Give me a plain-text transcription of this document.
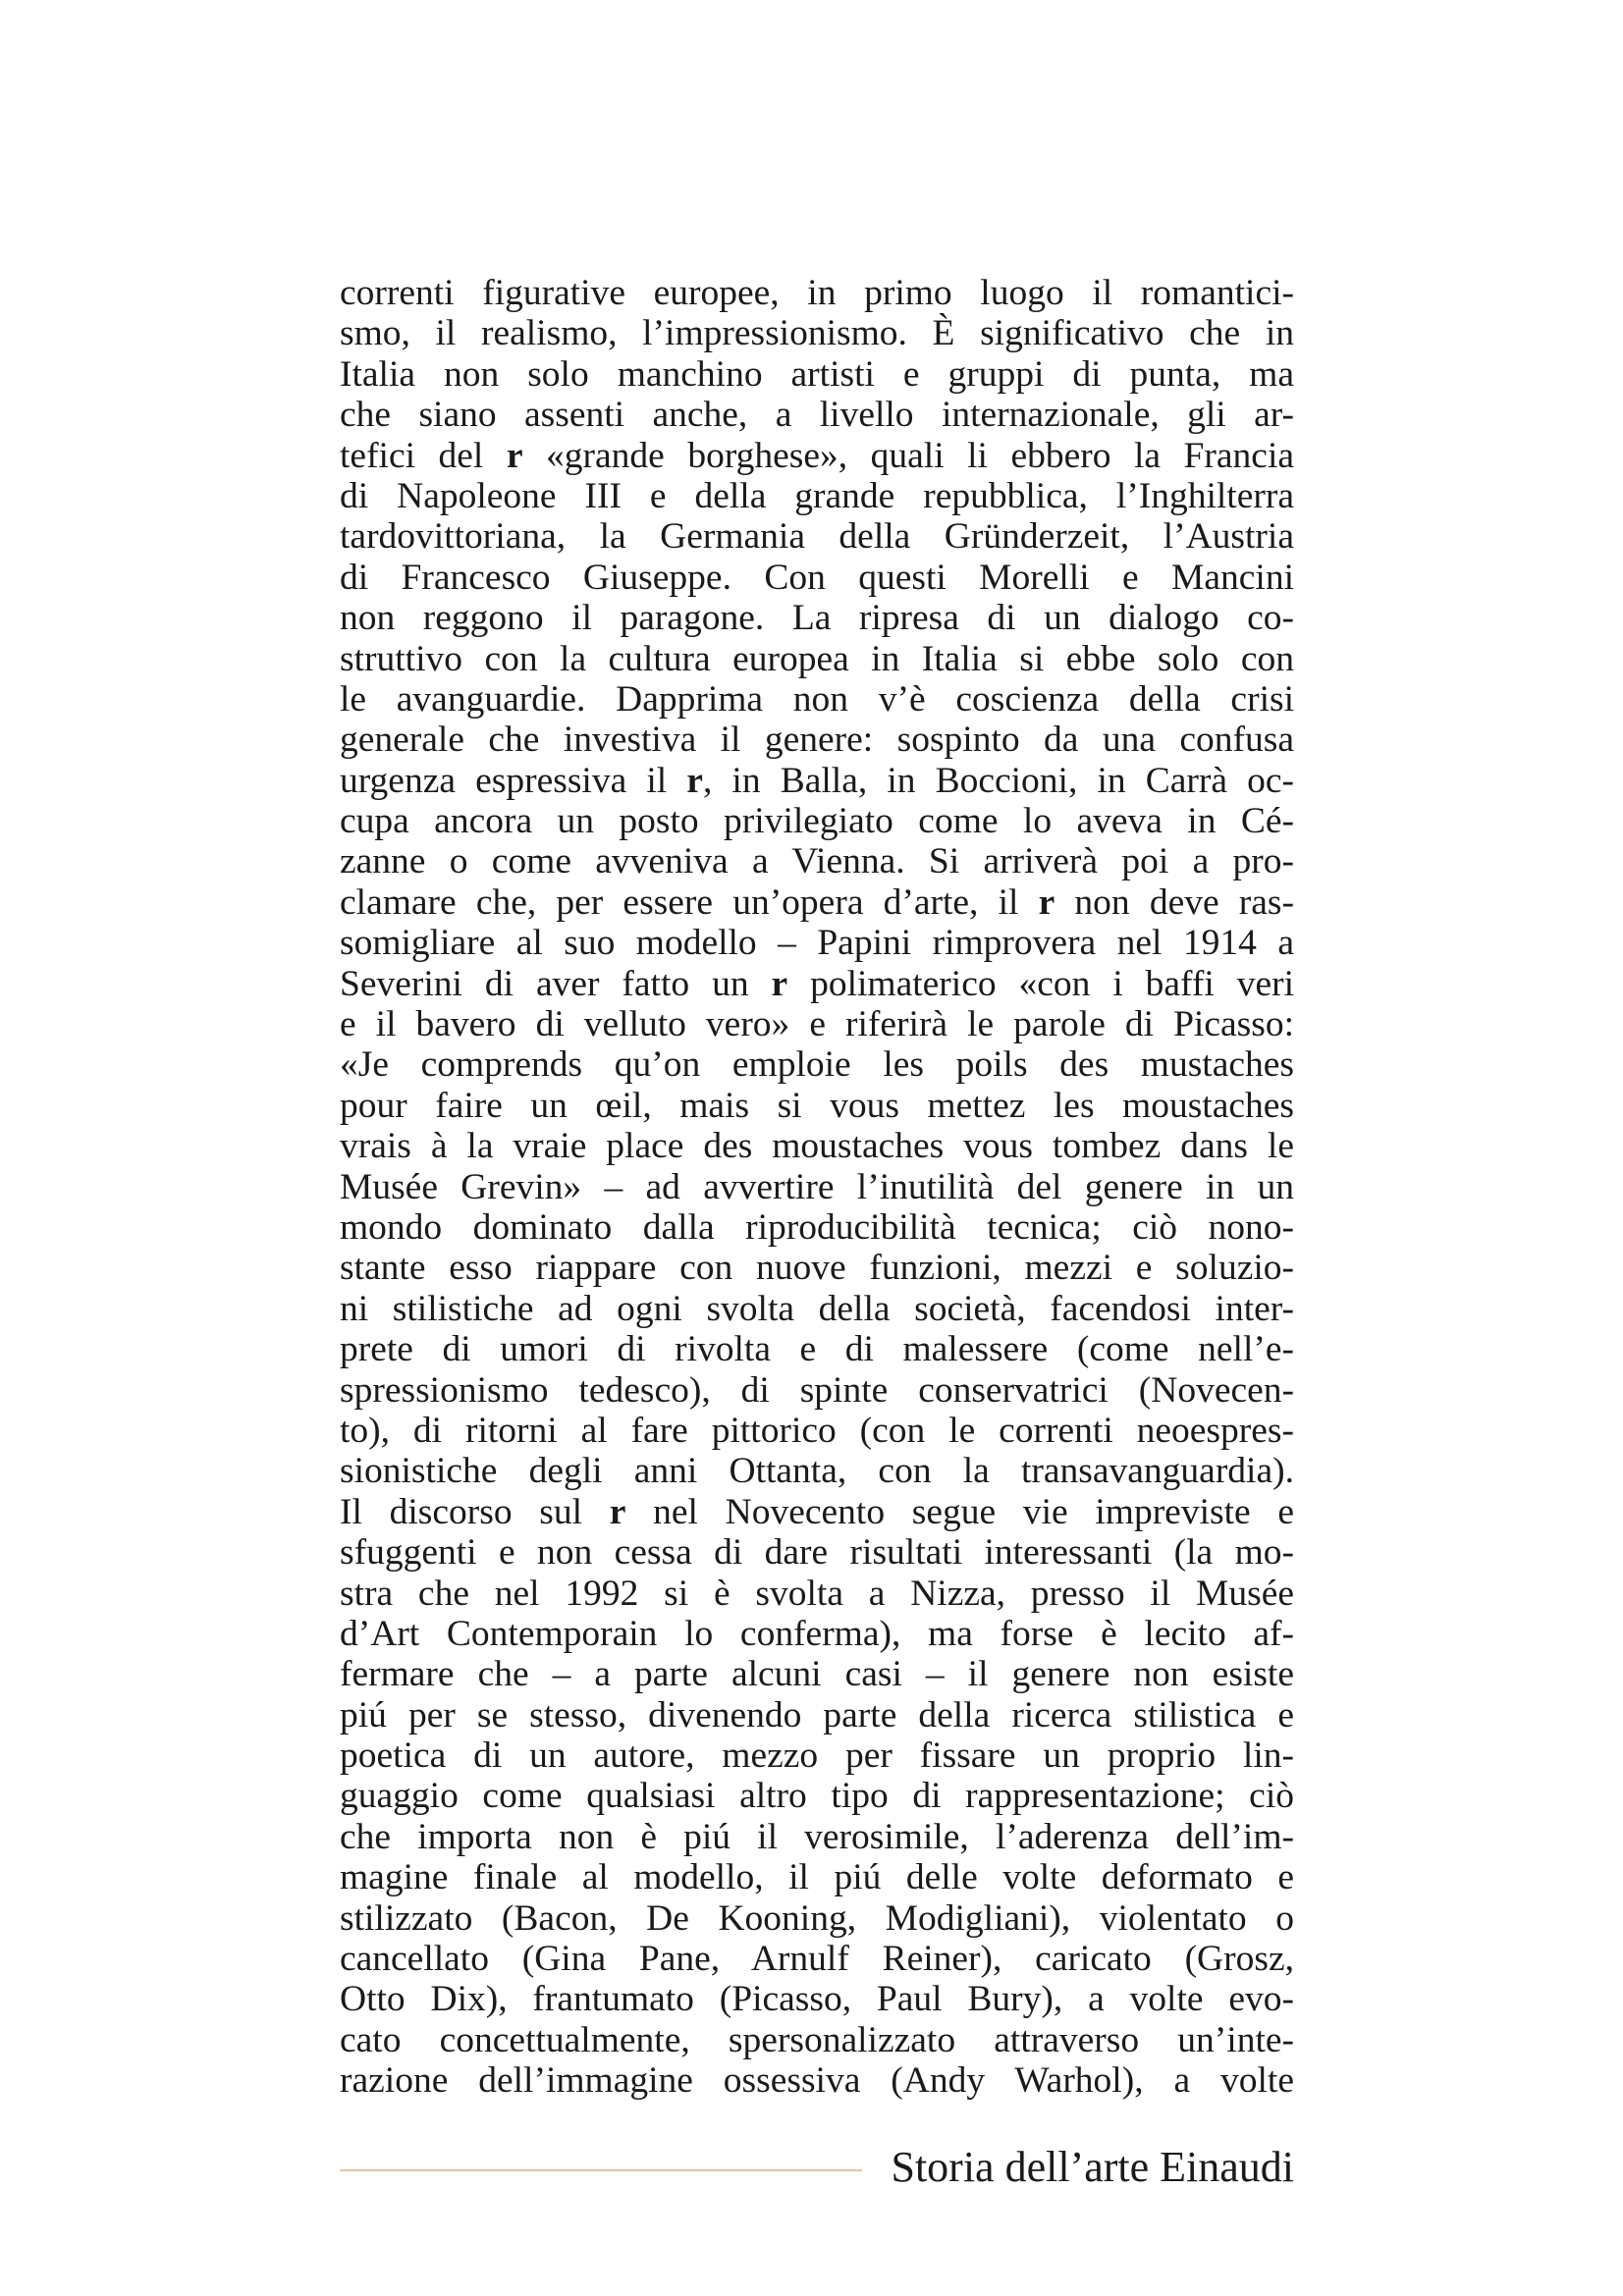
correnti figurative europee, in primo luogo il romantici-
smo, il realismo, l’impressionismo. È significativo che in
Italia non solo manchino artisti e gruppi di punta, ma
che siano assenti anche, a livello internazionale, gli ar-
tefici del r «grande borghese», quali li ebbero la Francia
di Napoleone III e della grande repubblica, l’Inghilterra
tardovittoriana, la Germania della Gründerzeit, l’Austria
di Francesco Giuseppe. Con questi Morelli e Mancini
non reggono il paragone. La ripresa di un dialogo co-
struttivo con la cultura europea in Italia si ebbe solo con
le avanguardie. Dapprima non v’è coscienza della crisi
generale che investiva il genere: sospinto da una confusa
urgenza espressiva il r, in Balla, in Boccioni, in Carrà oc-
cupa ancora un posto privilegiato come lo aveva in Cé-
zanne o come avveniva a Vienna. Si arriverà poi a pro-
clamare che, per essere un’opera d’arte, il r non deve ras-
somigliare al suo modello – Papini rimprovera nel 1914 a
Severini di aver fatto un r polimaterico «con i baffi veri
e il bavero di velluto vero» e riferirà le parole di Picasso:
«Je comprends qu’on emploie les poils des mustaches
pour faire un œil, mais si vous mettez les moustaches
vrais à la vraie place des moustaches vous tombez dans le
Musée Grevin» – ad avvertire l’inutilità del genere in un
mondo dominato dalla riproducibilità tecnica; ciò nono-
stante esso riappare con nuove funzioni, mezzi e soluzio-
ni stilistiche ad ogni svolta della società, facendosi inter-
prete di umori di rivolta e di malessere (come nell’e-
spressionismo tedesco), di spinte conservatrici (Novecen-
to), di ritorni al fare pittorico (con le correnti neoespres-
sionistiche degli anni Ottanta, con la transavanguardia).
Il discorso sul r nel Novecento segue vie impreviste e
sfuggenti e non cessa di dare risultati interessanti (la mo-
stra che nel 1992 si è svolta a Nizza, presso il Musée
d’Art Contemporain lo conferma), ma forse è lecito af-
fermare che – a parte alcuni casi – il genere non esiste
piú per se stesso, divenendo parte della ricerca stilistica e
poetica di un autore, mezzo per fissare un proprio lin-
guaggio come qualsiasi altro tipo di rappresentazione; ciò
che importa non è piú il verosimile, l’aderenza dell’im-
magine finale al modello, il piú delle volte deformato e
stilizzato (Bacon, De Kooning, Modigliani), violentato o
cancellato (Gina Pane, Arnulf Reiner), caricato (Grosz,
Otto Dix), frantumato (Picasso, Paul Bury), a volte evo-
cato concettualmente, spersonalizzato attraverso un’inte-
razione dell’immagine ossessiva (Andy Warhol), a volte
Storia dell’arte Einaudi
